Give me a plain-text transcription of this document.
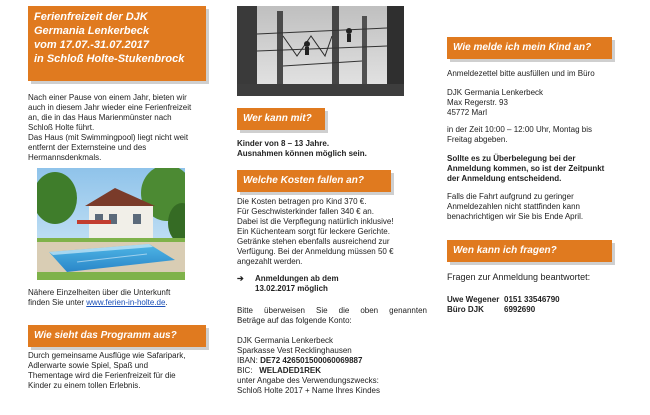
Ferienfreizeit der DJK
Germania Lenkerbeck
vom 17.07.-31.07.2017
in Schloß Holte-Stukenbrock
Nach einer Pause von einem Jahr, bieten wir
auch in diesem Jahr wieder eine Ferienfreizeit
an, die in das Haus Marienmünster nach
Schloß Holte führt.
Das Haus (mit Swimmingpool) liegt nicht weit
entfernt der Externsteine und des
Hermannsdenkmals.
Nähere Einzelheiten über die Unterkunft
finden Sie unter www.ferien-in-holte.de.
Wie sieht das Programm aus?
Durch gemeinsame Ausflüge wie Safaripark,
Adlerwarte sowie Spiel, Spaß und
Thementage wird die Ferienfreizeit für die
Kinder zu einem tollen Erlebnis.
Wer kann mit?
Kinder von 8 – 13 Jahre.
Ausnahmen können möglich sein.
Welche Kosten fallen an?
Die Kosten betragen pro Kind 370 €.
Für Geschwisterkinder fallen 340 € an.
Dabei ist die Verpflegung natürlich inklusive!
Ein Küchenteam sorgt für leckere Gerichte.
Getränke stehen ebenfalls ausreichend zur
Verfügung. Bei der Anmeldung müssen 50 €
angezahlt werden.
➔ Anmeldungen ab dem
13.02.2017 möglich
Bitte überweisen Sie die oben genannten
Beträge auf das folgende Konto:
DJK Germania Lenkerbeck
Sparkasse Vest Recklinghausen
IBAN: DE72 426501500060069887
BIC:   WELADED1REK
unter Angabe des Verwendungszwecks:
Schloß Holte 2017 + Name Ihres Kindes
Wie melde ich mein Kind an?
Anmeldezettel bitte ausfüllen und im Büro
DJK Germania Lenkerbeck
Max Regerstr. 93
45772 Marl
in der Zeit 10:00 – 12:00 Uhr, Montag bis
Freitag abgeben.
Sollte es zu Überbelegung bei der
Anmeldung kommen, so ist der Zeitpunkt
der Anmeldung entscheidend.
Falls die Fahrt aufgrund zu geringer
Anmeldezahlen nicht stattfinden kann
benachrichtigen wir Sie bis Ende April.
Wen kann ich fragen?
Fragen zur Anmeldung beantwortet:
Uwe Wegener 0151 33546790
Büro DJK	6992690
